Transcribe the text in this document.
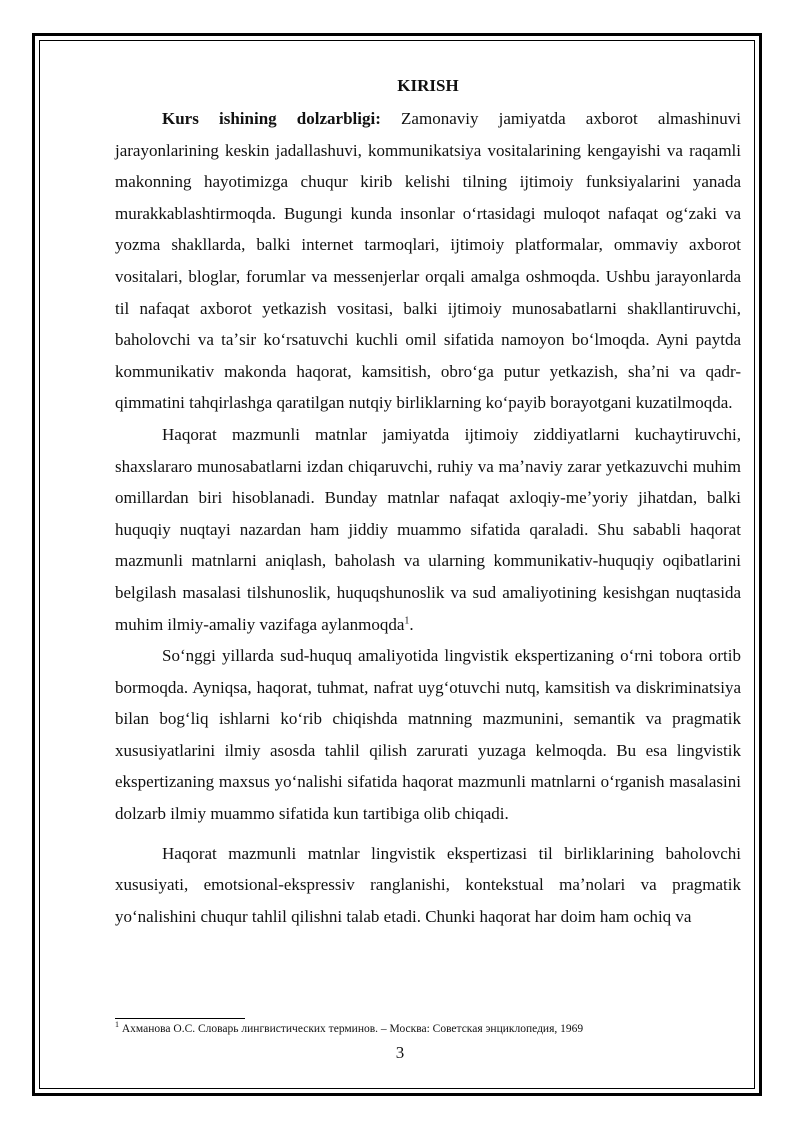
KIRISH

Kurs ishining dolzarbligi: Zamonaviy jamiyatda axborot almashinuvi jarayonlarining keskin jadallashuvi, kommunikatsiya vositalarining kengayishi va raqamli makonning hayotimizga chuqur kirib kelishi tilning ijtimoiy funksiyalarini yanada murakkablashtirmoqda. Bugungi kunda insonlar oʻrtasidagi muloqot nafaqat ogʻzaki va yozma shakllarda, balki internet tarmoqlari, ijtimoiy platformalar, ommaviy axborot vositalari, bloglar, forumlar va messenjerlar orqali amalga oshmoqda. Ushbu jarayonlarda til nafaqat axborot yetkazish vositasi, balki ijtimoiy munosabatlarni shakllantiruvchi, baholovchi va taʼsir koʻrsatuvchi kuchli omil sifatida namoyon boʻlmoqda. Ayni paytda kommunikativ makonda haqorat, kamsitish, obroʻga putur yetkazish, shaʼni va qadr-qimmatini tahqirlashga qaratilgan nutqiy birliklarning koʻpayib borayotgani kuzatilmoqda.

Haqorat mazmunli matnlar jamiyatda ijtimoiy ziddiyatlarni kuchaytiruvchi, shaxslararo munosabatlarni izdan chiqaruvchi, ruhiy va maʼnaviy zarar yetkazuvchi muhim omillardan biri hisoblanadi. Bunday matnlar nafaqat axloqiy-meʼyoriy jihatdan, balki huquqiy nuqtayi nazardan ham jiddiy muammo sifatida qaraladi. Shu sababli haqorat mazmunli matnlarni aniqlash, baholash va ularning kommunikativ-huquqiy oqibatlarini belgilash masalasi tilshunoslik, huquqshunoslik va sud amaliyotining kesishgan nuqtasida muhim ilmiy-amaliy vazifaga aylanmoqda$^1$.

Soʻnggi yillarda sud-huquq amaliyotida lingvistik ekspertizaning oʻrni tobora ortib bormoqda. Ayniqsa, haqorat, tuhmat, nafrat uygʻotuvchi nutq, kamsitish va diskriminatsiya bilan bogʻliq ishlarni koʻrib chiqishda matnning mazmunini, semantik va pragmatik xususiyatlarini ilmiy asosda tahlil qilish zarurati yuzaga kelmoqda. Bu esa lingvistik ekspertizaning maxsus yoʻnalishi sifatida haqorat mazmunli matnlarni oʻrganish masalasini dolzarb ilmiy muammo sifatida kun tartibiga olib chiqadi.

Haqorat mazmunli matnlar lingvistik ekspertizasi til birliklarining baholovchi xususiyati, emotsional-ekspressiv ranglanishi, kontekstual maʼnolari va pragmatik yoʻnalishini chuqur tahlil qilishni talab etadi. Chunki haqorat har doim ham ochiq va

$^1$ Ахманова О.С. Словарь лингвистических терминов. – Москва: Советская энциклопедия, 1969
3
